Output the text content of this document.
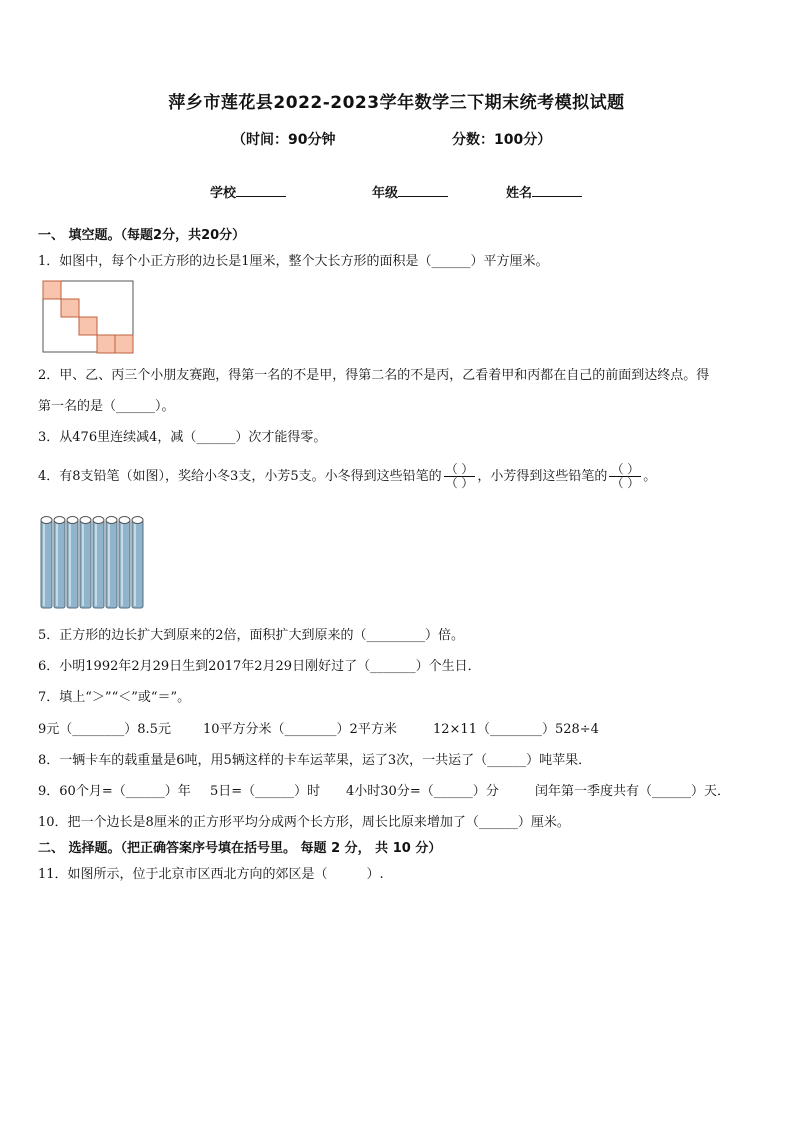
萍乡市莲花县2022-2023学年数学三下期末统考模拟试题
（时间：90分钟	分数：100分）
学校	年级	姓名
一、 填空题。（每题2分，共20分）
1．如图中，每个小正方形的边长是1厘米，整个大长方形的面积是（______）平方厘米。
2．甲、乙、丙三个小朋友赛跑，得第一名的不是甲，得第二名的不是丙，乙看着甲和丙都在自己的前面到达终点。得
第一名的是（______）。
3．从476里连续减4，减（______）次才能得零。
4．有8支铅笔（如图），奖给小冬3支，小芳5支。小冬得到这些铅笔的 $\frac{( )}{( )}$ ，小芳得到这些铅笔的 $\frac{( )}{( )}$ 。
5．正方形的边长扩大到原来的2倍，面积扩大到原来的（_________）倍。
6．小明1992年2月29日生到2017年2月29日刚好过了（_______）个生日．
7．填上“＞”“＜”或“＝”。
9元（________）8.5元 10平方分米（________）2平方米	12×11（________）528÷4
8．一辆卡车的载重量是6吨，用5辆这样的卡车运苹果，运了3次，一共运了（______）吨苹果．
9．60个月=（______）年 5日=（______）时 4小时30分=（______）分	闰年第一季度共有（______）天．
10．把一个边长是8厘米的正方形平均分成两个长方形，周长比原来增加了（______）厘米。
二、 选择题。（把正确答案序号填在括号里。 每题 2 分， 共 10 分）
11．如图所示，位于北京市区西北方向的郊区是（　　　）.
